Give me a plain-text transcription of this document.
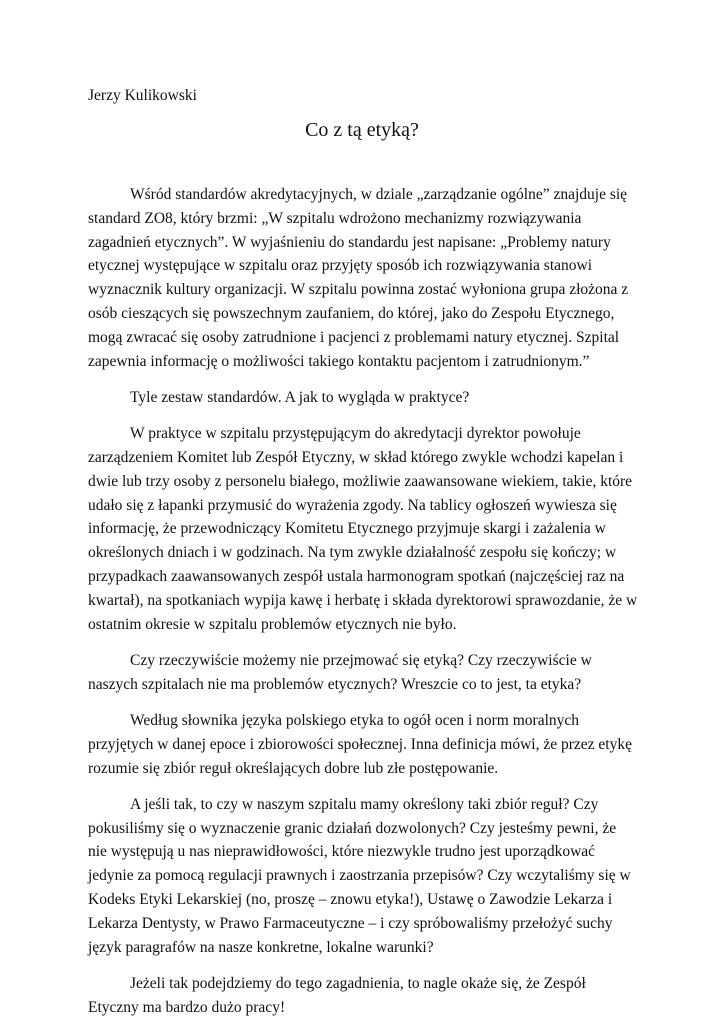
Jerzy Kulikowski

Co z tą etyką?

Wśród standardów akredytacyjnych, w dziale „zarządzanie ogólne” znajduje się standard ZO8, który brzmi: „W szpitalu wdrożono mechanizmy rozwiązywania zagadnień etycznych”. W wyjaśnieniu do standardu jest napisane: „Problemy natury etycznej występujące w szpitalu oraz przyjęty sposób ich rozwiązywania stanowi wyznacznik kultury organizacji. W szpitalu powinna zostać wyłoniona grupa złożona z osób cieszących się powszechnym zaufaniem, do której, jako do Zespołu Etycznego, mogą zwracać się osoby zatrudnione i pacjenci z problemami natury etycznej. Szpital zapewnia informację o możliwości takiego kontaktu pacjentom i zatrudnionym.”

Tyle zestaw standardów. A jak to wygląda w praktyce?

W praktyce w szpitalu przystępującym do akredytacji dyrektor powołuje zarządzeniem Komitet lub Zespół Etyczny, w skład którego zwykle wchodzi kapelan i dwie lub trzy osoby z personelu białego, możliwie zaawansowane wiekiem, takie, które udało się z łapanki przymusić do wyrażenia zgody. Na tablicy ogłoszeń wywiesza się informację, że przewodniczący Komitetu Etycznego przyjmuje skargi i zażalenia w określonych dniach i w godzinach. Na tym zwykle działalność zespołu się kończy; w przypadkach zaawansowanych zespół ustala harmonogram spotkań (najczęściej raz na kwartał), na spotkaniach wypija kawę i herbatę i składa dyrektorowi sprawozdanie, że w ostatnim okresie w szpitalu problemów etycznych nie było.

Czy rzeczywiście możemy nie przejmować się etyką? Czy rzeczywiście w naszych szpitalach nie ma problemów etycznych? Wreszcie co to jest, ta etyka?

Według słownika języka polskiego etyka to ogół ocen i norm moralnych przyjętych w danej epoce i zbiorowości społecznej. Inna definicja mówi, że przez etykę rozumie się zbiór reguł określających dobre lub złe postępowanie.

A jeśli tak, to czy w naszym szpitalu mamy określony taki zbiór reguł? Czy pokusiliśmy się o wyznaczenie granic działań dozwolonych? Czy jesteśmy pewni, że nie występują u nas nieprawidłowości, które niezwykle trudno jest uporządkować jedynie za pomocą regulacji prawnych i zaostrzania przepisów? Czy wczytaliśmy się w Kodeks Etyki Lekarskiej (no, proszę – znowu etyka!), Ustawę o Zawodzie Lekarza i Lekarza Dentysty, w Prawo Farmaceutyczne – i czy spróbowaliśmy przełożyć suchy język paragrafów na nasze konkretne, lokalne warunki?

Jeżeli tak podejdziemy do tego zagadnienia, to nagle okaże się, że Zespół Etyczny ma bardzo dużo pracy!
